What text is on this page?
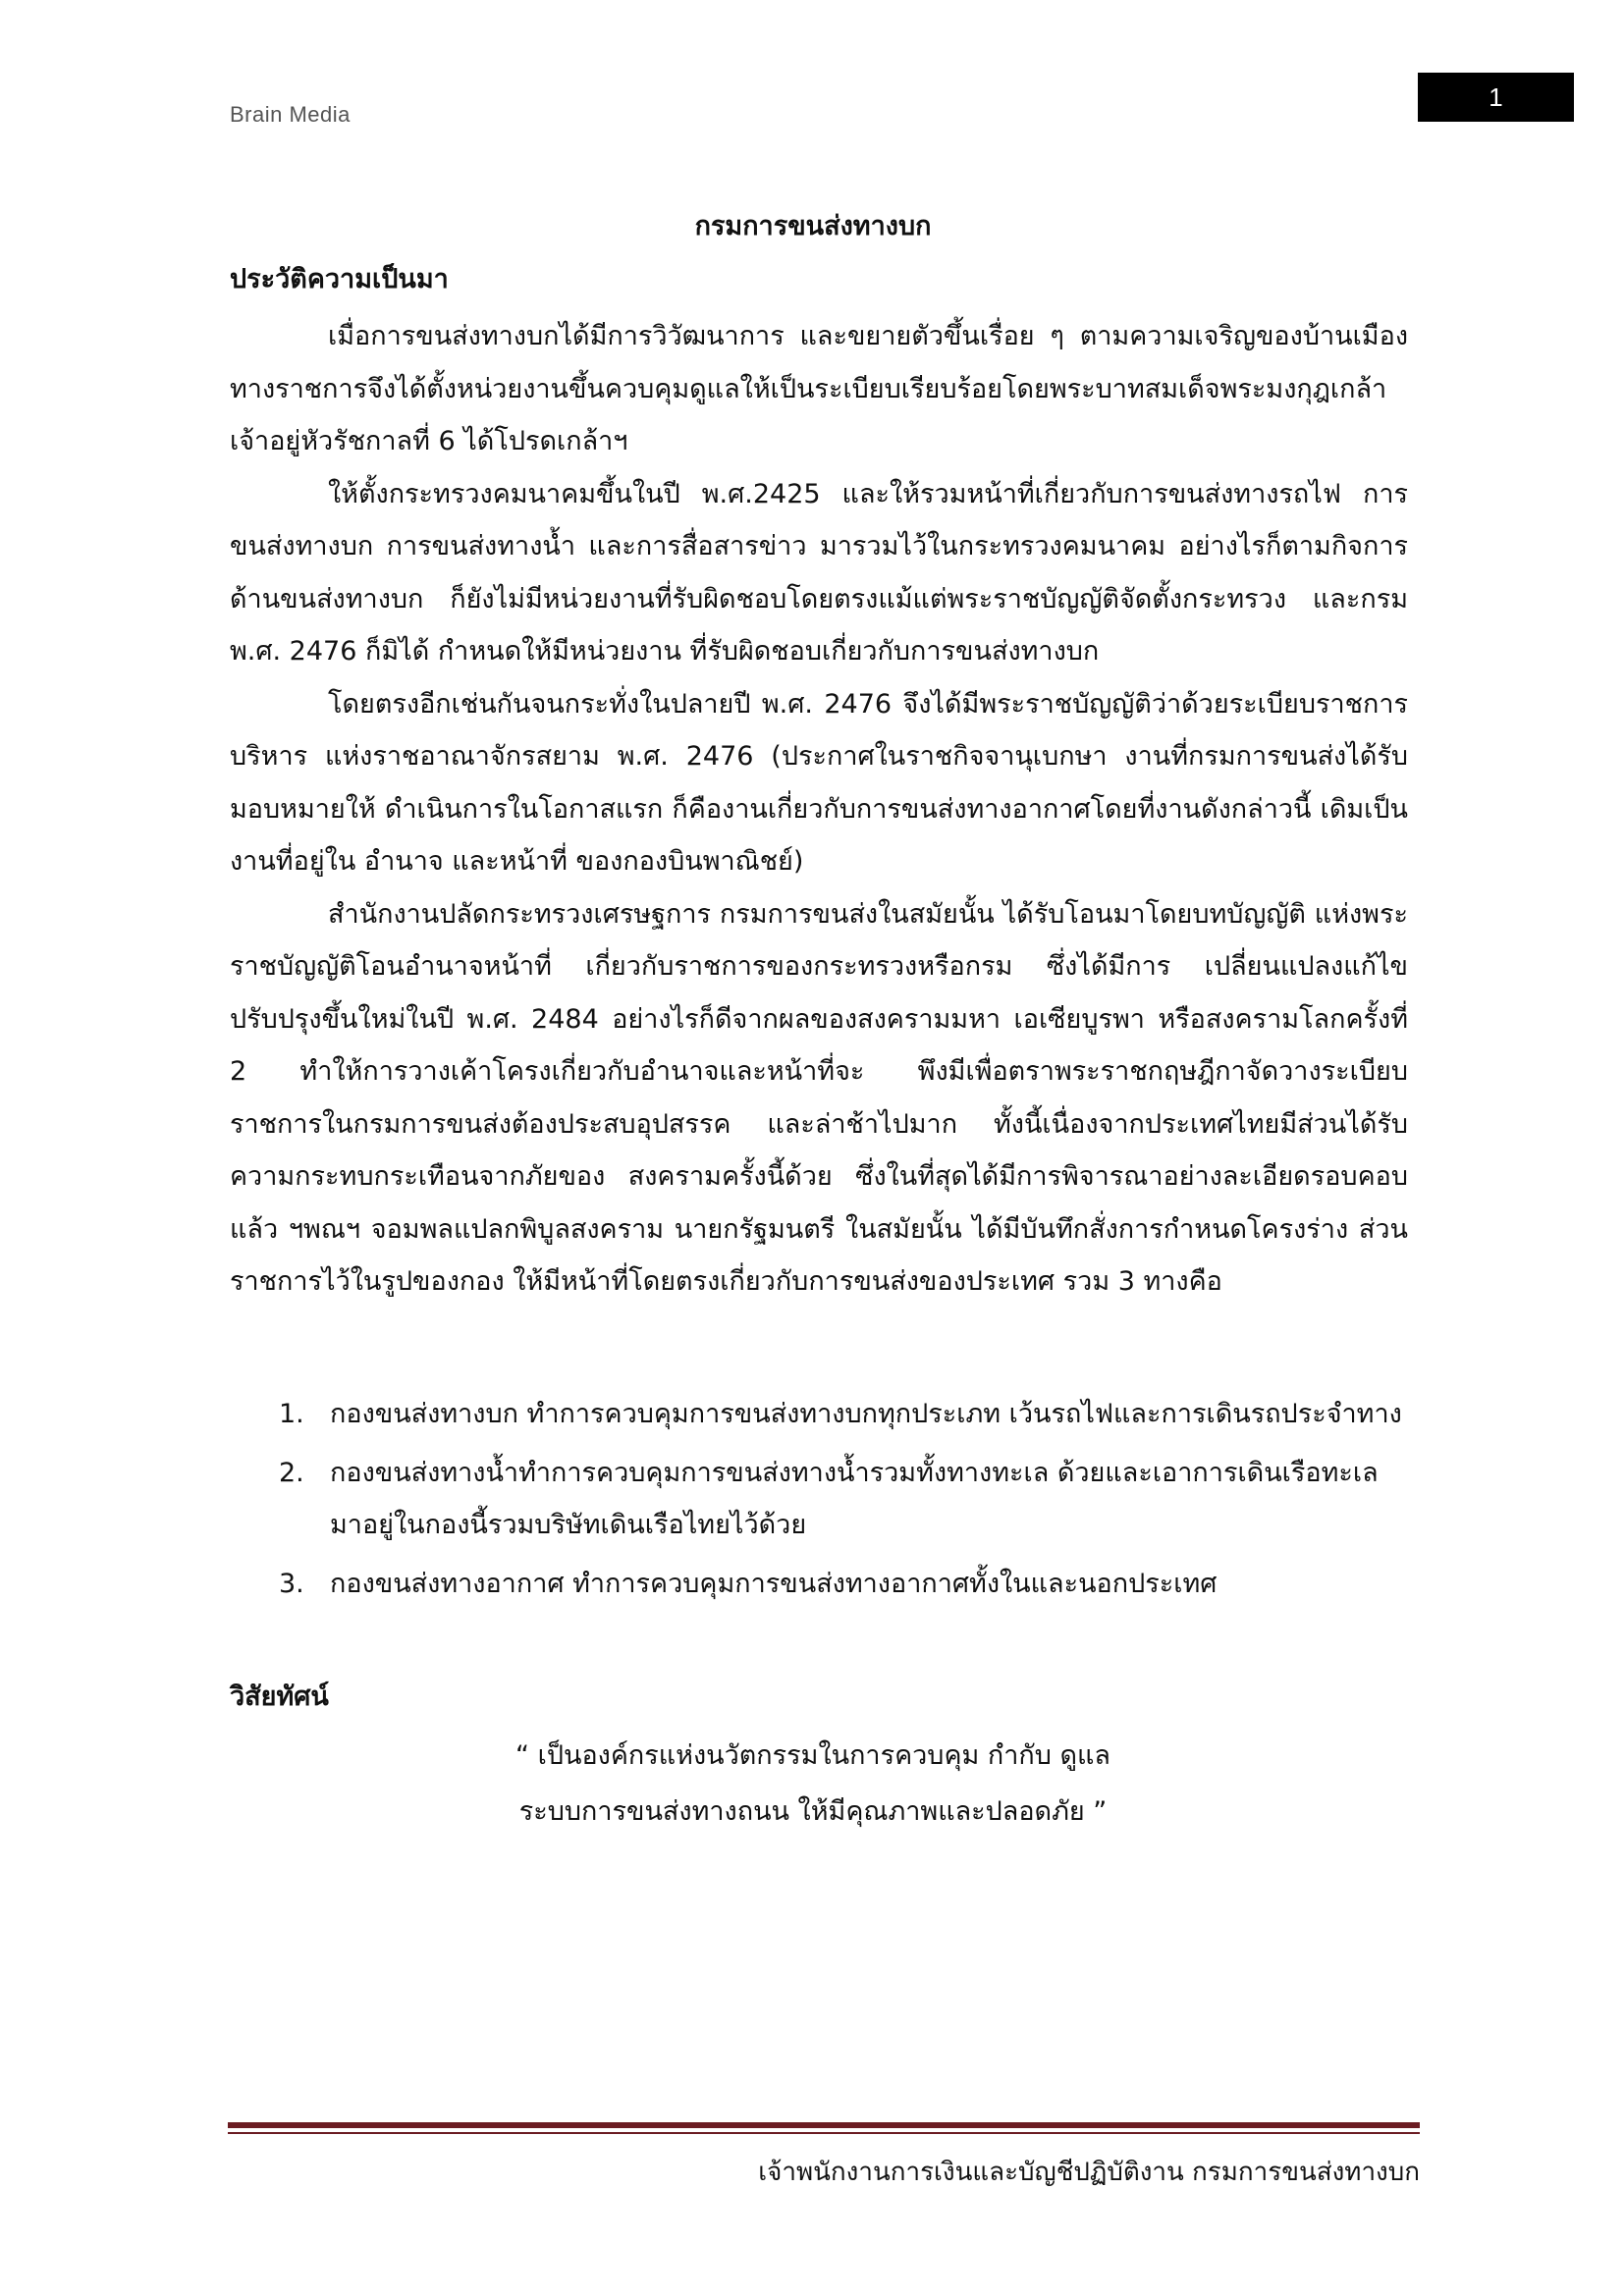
Brain Media
1
กรมการขนส่งทางบก
ประวัติความเป็นมา

เมื่อการขนส่งทางบกได้มีการวิวัฒนาการ และขยายตัวขึ้นเรื่อย ๆ ตามความเจริญของบ้านเมือง ทางราชการจึงได้ตั้งหน่วยงานขึ้นควบคุมดูแลให้เป็นระเบียบเรียบร้อยโดยพระบาทสมเด็จพระมงกุฎเกล้าเจ้าอยู่หัวรัชกาลที่ 6 ได้โปรดเกล้าฯ

ให้ตั้งกระทรวงคมนาคมขึ้นในปี พ.ศ.2425 และให้รวมหน้าที่เกี่ยวกับการขนส่งทางรถไฟ การขนส่งทางบก การขนส่งทางน้ำ และการสื่อสารข่าว มารวมไว้ในกระทรวงคมนาคม อย่างไรก็ตามกิจการด้านขนส่งทางบก ก็ยังไม่มีหน่วยงานที่รับผิดชอบโดยตรงแม้แต่พระราชบัญญัติจัดตั้งกระทรวง และกรม พ.ศ. 2476 ก็มิได้ กำหนดให้มีหน่วยงาน ที่รับผิดชอบเกี่ยวกับการขนส่งทางบก

โดยตรงอีกเช่นกันจนกระทั่งในปลายปี พ.ศ. 2476 จึงได้มีพระราชบัญญัติว่าด้วยระเบียบราชการบริหาร แห่งราชอาณาจักรสยาม พ.ศ. 2476 (ประกาศในราชกิจจานุเบกษา งานที่กรมการขนส่งได้รับมอบหมายให้ ดำเนินการในโอกาสแรก ก็คืองานเกี่ยวกับการขนส่งทางอากาศโดยที่งานดังกล่าวนี้ เดิมเป็นงานที่อยู่ใน อำนาจ และหน้าที่ ของกองบินพาณิชย์)

สำนักงานปลัดกระทรวงเศรษฐการ กรมการขนส่งในสมัยนั้น ได้รับโอนมาโดยบทบัญญัติ แห่งพระราชบัญญัติโอนอำนาจหน้าที่ เกี่ยวกับราชการของกระทรวงหรือกรม ซึ่งได้มีการ เปลี่ยนแปลงแก้ไขปรับปรุงขึ้นใหม่ในปี พ.ศ. 2484 อย่างไรก็ดีจากผลของสงครามมหา เอเซียบูรพา หรือสงครามโลกครั้งที่ 2 ทำให้การวางเค้าโครงเกี่ยวกับอำนาจและหน้าที่จะ พึงมีเพื่อตราพระราชกฤษฎีกาจัดวางระเบียบราชการในกรมการขนส่งต้องประสบอุปสรรค และล่าช้าไปมาก ทั้งนี้เนื่องจากประเทศไทยมีส่วนได้รับความกระทบกระเทือนจากภัยของ สงครามครั้งนี้ด้วย ซึ่งในที่สุดได้มีการพิจารณาอย่างละเอียดรอบคอบแล้ว ฯพณฯ จอมพลแปลกพิบูลสงคราม นายกรัฐมนตรี ในสมัยนั้น ได้มีบันทึกสั่งการกำหนดโครงร่าง ส่วนราชการไว้ในรูปของกอง ให้มีหน้าที่โดยตรงเกี่ยวกับการขนส่งของประเทศ รวม 3 ทางคือ

1. กองขนส่งทางบก ทำการควบคุมการขนส่งทางบกทุกประเภท เว้นรถไฟและการเดินรถประจำทาง
2. กองขนส่งทางน้ำทำการควบคุมการขนส่งทางน้ำรวมทั้งทางทะเล ด้วยและเอาการเดินเรือทะเลมาอยู่ในกองนี้รวมบริษัทเดินเรือไทยไว้ด้วย
3. กองขนส่งทางอากาศ ทำการควบคุมการขนส่งทางอากาศทั้งในและนอกประเทศ
วิสัยทัศน์
“ เป็นองค์กรแห่งนวัตกรรมในการควบคุม กำกับ ดูแล
ระบบการขนส่งทางถนน ให้มีคุณภาพและปลอดภัย ”
เจ้าพนักงานการเงินและบัญชีปฏิบัติงาน กรมการขนส่งทางบก
